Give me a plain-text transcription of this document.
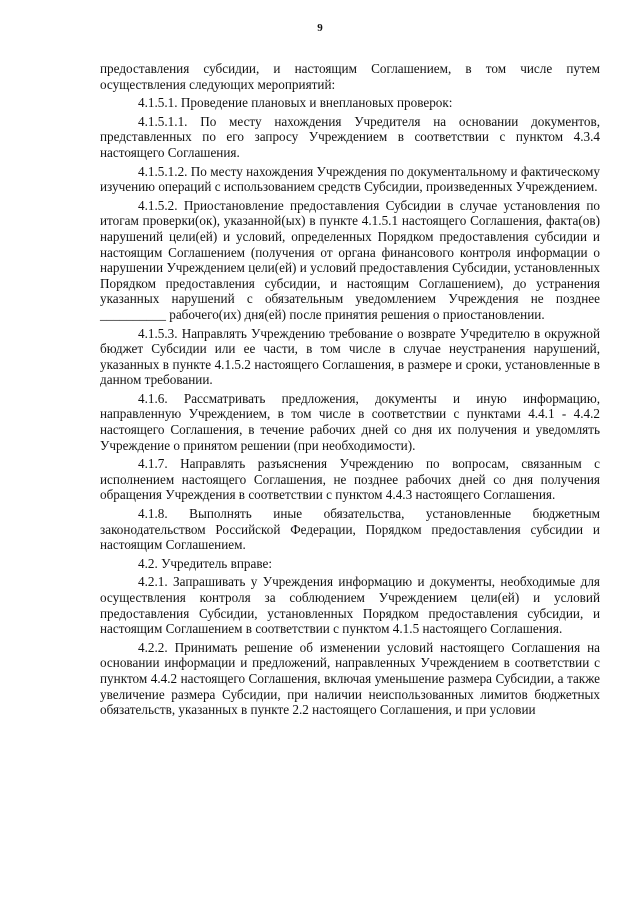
9

предоставления субсидии, и настоящим Соглашением, в том числе путем осуществления следующих мероприятий:

4.1.5.1. Проведение плановых и внеплановых проверок:

4.1.5.1.1. По месту нахождения Учредителя на основании документов, представленных по его запросу Учреждением в соответствии с пунктом 4.3.4 настоящего Соглашения.

4.1.5.1.2. По месту нахождения Учреждения по документальному и фактическому изучению операций с использованием средств Субсидии, произведенных Учреждением.

4.1.5.2. Приостановление предоставления Субсидии в случае установления по итогам проверки(ок), указанной(ых) в пункте 4.1.5.1 настоящего Соглашения, факта(ов) нарушений цели(ей) и условий, определенных Порядком предоставления субсидии и настоящим Соглашением (получения от органа финансового контроля информации о нарушении Учреждением цели(ей) и условий предоставления Субсидии, установленных Порядком предоставления субсидии, и настоящим Соглашением), до устранения указанных нарушений с обязательным уведомлением Учреждения не позднее __________ рабочего(их) дня(ей) после принятия решения о приостановлении.

4.1.5.3. Направлять Учреждению требование о возврате Учредителю в окружной бюджет Субсидии или ее части, в том числе в случае неустранения нарушений, указанных в пункте 4.1.5.2 настоящего Соглашения, в размере и сроки, установленные в данном требовании.

4.1.6. Рассматривать предложения, документы и иную информацию, направленную Учреждением, в том числе в соответствии с пунктами 4.4.1 - 4.4.2 настоящего Соглашения, в течение рабочих дней со дня их получения и уведомлять Учреждение о принятом решении (при необходимости).

4.1.7. Направлять разъяснения Учреждению по вопросам, связанным с исполнением настоящего Соглашения, не позднее рабочих дней со дня получения обращения Учреждения в соответствии с пунктом 4.4.3 настоящего Соглашения.

4.1.8. Выполнять иные обязательства, установленные бюджетным законодательством Российской Федерации, Порядком предоставления субсидии и настоящим Соглашением.

4.2. Учредитель вправе:

4.2.1. Запрашивать у Учреждения информацию и документы, необходимые для осуществления контроля за соблюдением Учреждением цели(ей) и условий предоставления Субсидии, установленных Порядком предоставления субсидии, и настоящим Соглашением в соответствии с пунктом 4.1.5 настоящего Соглашения.

4.2.2. Принимать решение об изменении условий настоящего Соглашения на основании информации и предложений, направленных Учреждением в соответствии с пунктом 4.4.2 настоящего Соглашения, включая уменьшение размера Субсидии, а также увеличение размера Субсидии, при наличии неиспользованных лимитов бюджетных обязательств, указанных в пункте 2.2 настоящего Соглашения, и при условии
